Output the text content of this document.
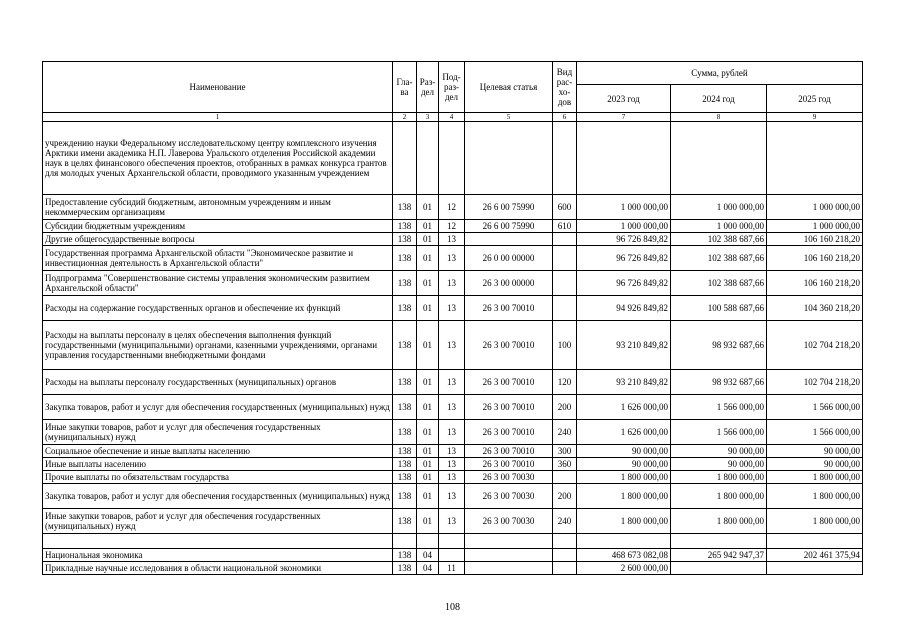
Наименование	Гла-ва	Раз-дел	Под-раз-дел	Целевая статья	Вид рас-хо-дов	Сумма, рублей		
						2023 год	2024 год	2025 год
1	2	3	4	5	6	7	8	9
учреждению науки Федеральному исследовательскому центру комплексного изучения Арктики имени академика Н.П. Лаверова Уральского отделения Российской академии наук в целях финансового обеспечения проектов, отобранных в рамках конкурса грантов для молодых ученых Архангельской области, проводимого указанным учреждением								
Предоставление субсидий бюджетным, автономным учреждениям и иным некоммерческим организациям	138	01	12	26 6 00 75990	600	1 000 000,00	1 000 000,00	1 000 000,00
Субсидии бюджетным учреждениям	138	01	12	26 6 00 75990	610	1 000 000,00	1 000 000,00	1 000 000,00
Другие общегосударственные вопросы	138	01	13			96 726 849,82	102 388 687,66	106 160 218,20
Государственная программа Архангельской области "Экономическое развитие и инвестиционная деятельность в Архангельской области"	138	01	13	26 0 00 00000		96 726 849,82	102 388 687,66	106 160 218,20
Подпрограмма "Совершенствование системы управления экономическим развитием Архангельской области"	138	01	13	26 3 00 00000		96 726 849,82	102 388 687,66	106 160 218,20
Расходы на содержание государственных органов и обеспечение их функций	138	01	13	26 3 00 70010		94 926 849,82	100 588 687,66	104 360 218,20
Расходы на выплаты персоналу в целях обеспечения выполнения функций государственными (муниципальными) органами, казенными учреждениями, органами управления государственными внебюджетными фондами	138	01	13	26 3 00 70010	100	93 210 849,82	98 932 687,66	102 704 218,20
Расходы на выплаты персоналу государственных (муниципальных) органов	138	01	13	26 3 00 70010	120	93 210 849,82	98 932 687,66	102 704 218,20
Закупка товаров, работ и услуг для обеспечения государственных (муниципальных) нужд	138	01	13	26 3 00 70010	200	1 626 000,00	1 566 000,00	1 566 000,00
Иные закупки товаров, работ и услуг для обеспечения государственных (муниципальных) нужд	138	01	13	26 3 00 70010	240	1 626 000,00	1 566 000,00	1 566 000,00
Социальное обеспечение и иные выплаты населению	138	01	13	26 3 00 70010	300	90 000,00	90 000,00	90 000,00
Иные выплаты населению	138	01	13	26 3 00 70010	360	90 000,00	90 000,00	90 000,00
Прочие выплаты по обязательствам государства	138	01	13	26 3 00 70030		1 800 000,00	1 800 000,00	1 800 000,00
Закупка товаров, работ и услуг для обеспечения государственных (муниципальных) нужд	138	01	13	26 3 00 70030	200	1 800 000,00	1 800 000,00	1 800 000,00
Иные закупки товаров, работ и услуг для обеспечения государственных (муниципальных) нужд	138	01	13	26 3 00 70030	240	1 800 000,00	1 800 000,00	1 800 000,00

Национальная экономика	138	04				468 673 082,08	265 942 947,37	202 461 375,94
Прикладные научные исследования в области национальной экономики	138	04	11			2 600 000,00		
108
